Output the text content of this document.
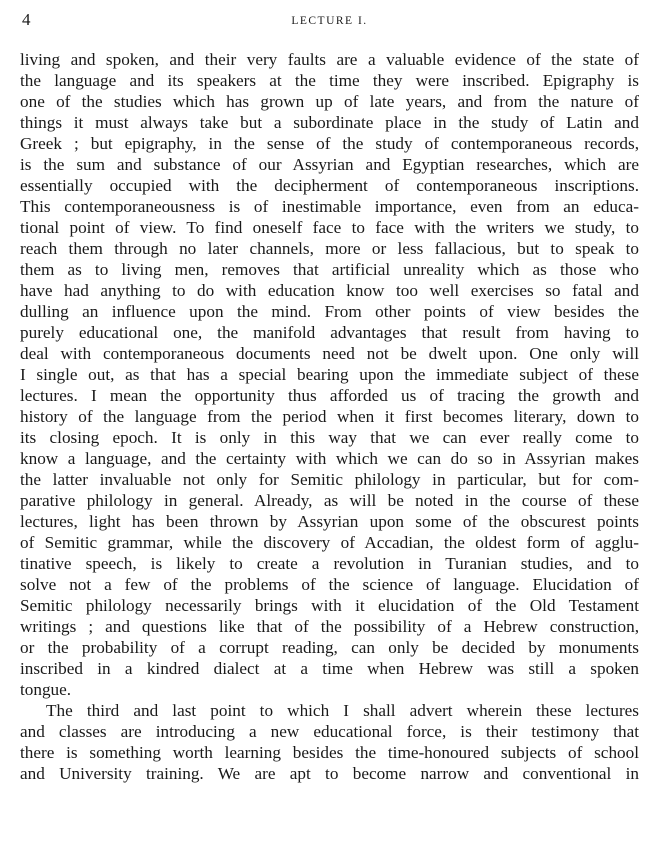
4	LECTURE I.
living and spoken, and their very faults are a valuable evidence of the state of
the language and its speakers at the time they were inscribed. Epigraphy is
one of the studies which has grown up of late years, and from the nature of
things it must always take but a subordinate place in the study of Latin and
Greek ; but epigraphy, in the sense of the study of contemporaneous records,
is the sum and substance of our Assyrian and Egyptian researches, which are
essentially occupied with the decipherment of contemporaneous inscriptions.
This contemporaneousness is of inestimable importance, even from an educa-
tional point of view. To find oneself face to face with the writers we study, to
reach them through no later channels, more or less fallacious, but to speak to
them as to living men, removes that artificial unreality which as those who
have had anything to do with education know too well exercises so fatal and
dulling an influence upon the mind. From other points of view besides the
purely educational one, the manifold advantages that result from having to
deal with contemporaneous documents need not be dwelt upon. One only will
I single out, as that has a special bearing upon the immediate subject of these
lectures. I mean the opportunity thus afforded us of tracing the growth and
history of the language from the period when it first becomes literary, down to
its closing epoch. It is only in this way that we can ever really come to
know a language, and the certainty with which we can do so in Assyrian makes
the latter invaluable not only for Semitic philology in particular, but for com-
parative philology in general. Already, as will be noted in the course of these
lectures, light has been thrown by Assyrian upon some of the obscurest points
of Semitic grammar, while the discovery of Accadian, the oldest form of agglu-
tinative speech, is likely to create a revolution in Turanian studies, and to
solve not a few of the problems of the science of language. Elucidation of
Semitic philology necessarily brings with it elucidation of the Old Testament
writings ; and questions like that of the possibility of a Hebrew construction,
or the probability of a corrupt reading, can only be decided by monuments
inscribed in a kindred dialect at a time when Hebrew was still a spoken
tongue.
The third and last point to which I shall advert wherein these lectures
and classes are introducing a new educational force, is their testimony that
there is something worth learning besides the time-honoured subjects of school
and University training. We are apt to become narrow and conventional in
